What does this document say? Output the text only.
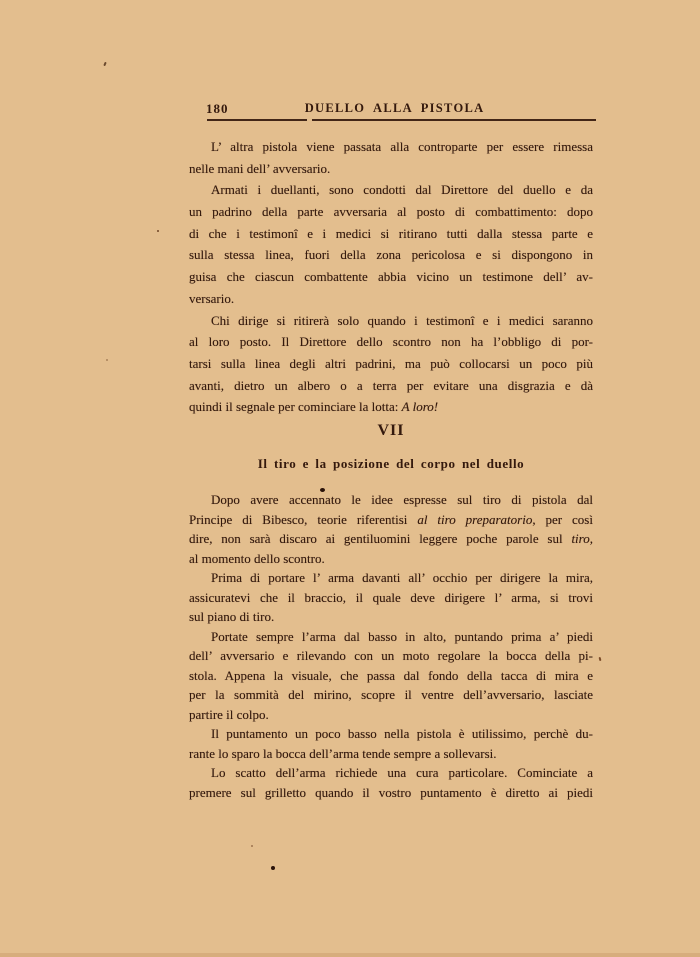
180	DUELLO ALLA PISTOLA

L’ altra pistola viene passata alla controparte per essere rimessa
nelle mani dell’ avversario.

Armati i duellanti, sono condotti dal Direttore del duello e da
un padrino della parte avversaria al posto di combattimento: dopo
di che i testimonî e i medici si ritirano tutti dalla stessa parte e
sulla stessa linea, fuori della zona pericolosa e si dispongono in
guisa che ciascun combattente abbia vicino un testimone dell’ av-
versario.

Chi dirige si ritirerà solo quando i testimonî e i medici saranno
al loro posto. Il Direttore dello scontro non ha l’obbligo di por-
tarsi sulla linea degli altri padrini, ma può collocarsi un poco più
avanti, dietro un albero o a terra per evitare una disgrazia e dà
quindi il segnale per cominciare la lotta: A loro!

VII
Il tiro e la posizione del corpo nel duello

Dopo avere accennato le idee espresse sul tiro di pistola dal
Principe di Bibesco, teorie riferentisi al tiro preparatorio, per così
dire, non sarà discaro ai gentiluomini leggere poche parole sul tiro,
al momento dello scontro.

Prima di portare l’ arma davanti all’ occhio per dirigere la mira,
assicuratevi che il braccio, il quale deve dirigere l’ arma, si trovi
sul piano di tiro.

Portate sempre l’arma dal basso in alto, puntando prima a’ piedi
dell’ avversario e rilevando con un moto regolare la bocca della pi-
stola. Appena la visuale, che passa dal fondo della tacca di mira e
per la sommità del mirino, scopre il ventre dell’avversario, lasciate
partire il colpo.

Il puntamento un poco basso nella pistola è utilissimo, perchè du-
rante lo sparo la bocca dell’arma tende sempre a sollevarsi.

Lo scatto dell’arma richiede una cura particolare. Cominciate a
premere sul grilletto quando il vostro puntamento è diretto ai piedi
